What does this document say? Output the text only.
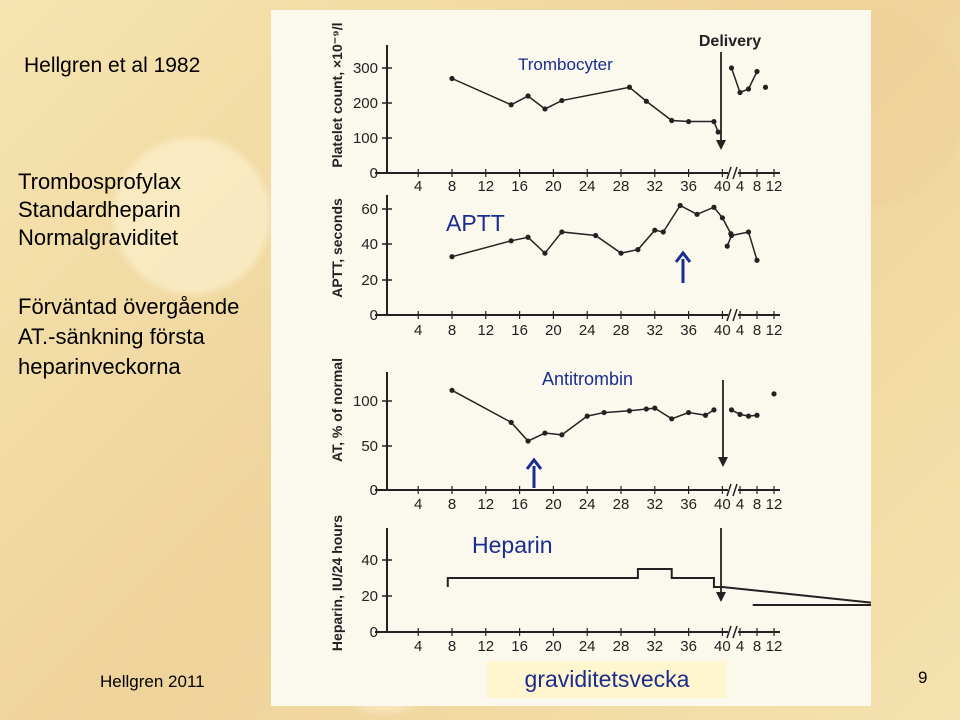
Hellgren et al 1982
Trombosprofylax
Standardheparin
Normalgraviditet
Förväntad övergående
AT.-sänkning första
heparinveckorna
0
100
200
300
Platelet count, ×10⁻⁹/l
4 8 12 16 20 24 28 32 36 40 4 8 12
Trombocyter
0
20
40
60
APTT, seconds
4 8 12 16 20 24 28 32 36 40 4 8 12
APTT
0
50
100
AT, % of normal
4 8 12 16 20 24 28 32 36 40 4 8 12
Antitrombin
0
20
40
Heparin, IU/24 hours	4 8 12 16 20 24 28 32 36 40 4 8 12
Heparin
Delivery
graviditetsvecka
Hellgren 2011	9
